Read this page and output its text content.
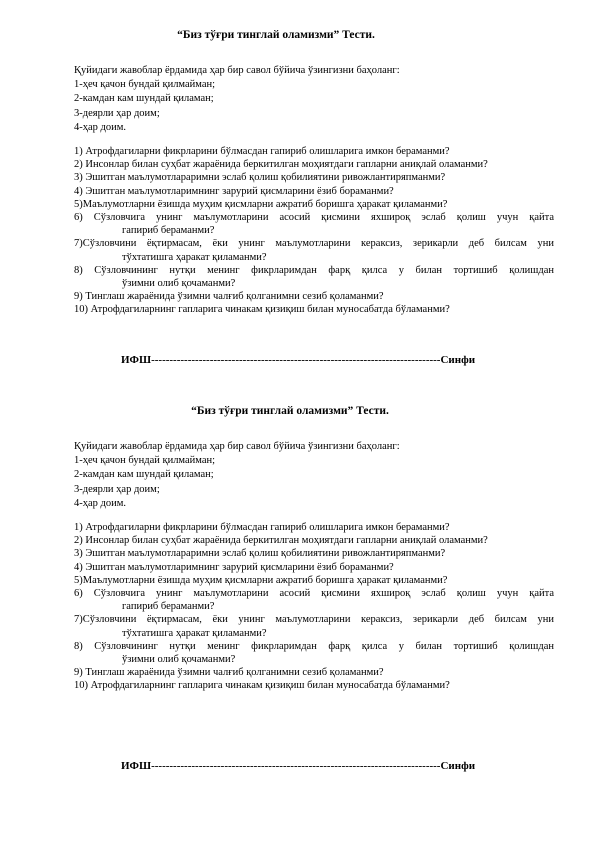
“Биз тўғри тинглай оламизми” Тести.
Қуйидаги жавоблар ёрдамида ҳар бир савол бўйича ўзингизни баҳоланг:
1-ҳеч қачон бундай қилмайман;
2-камдан кам шундай қиламан;
3-деярли ҳар доим;
4-ҳар доим.
1) Атрофдагиларни фикрларини бўлмасдан гапириб олишларига имкон бераманми?
2) Инсонлар билан суҳбат жараёнида беркитилган моҳиятдаги гапларни аниқлай оламанми?
3) Эшитган маълумотлараримни эслаб қолиш қобилиятини ривожлантиряпманми?
4) Эшитган маълумотларимнинг зарурий қисмларини ёзиб бораманми?
5)Маълумотларни ёзишда муҳим қисмларни ажратиб боришга ҳаракат қиламанми?
6) Сўзловчига унинг маълумотларини асосий қисмини яхшироқ эслаб қолиш учун қайта
гапириб бераманми?
7)Сўзловчини ёқтирмасам, ёки унинг маълумотларини кераксиз, зерикарли деб билсам уни
тўхтатишга ҳаракат қиламанми?
8) Сўзловчининг нутқи менинг фикрларимдан фарқ қилса у билан тортишиб қолишдан
ўзимни олиб қочаманми?
9) Тинглаш жараёнида ўзимни чалғиб қолганимни сезиб қоламанми?
10) Атрофдагиларнинг гапларига чинакам қизиқиш билан муносабатда бўламанми?
ИФШ-------------------------------------------------------------------------------Синфи
“Биз тўғри тинглай оламизми” Тести.
Қуйидаги жавоблар ёрдамида ҳар бир савол бўйича ўзингизни баҳоланг:
1-ҳеч қачон бундай қилмайман;
2-камдан кам шундай қиламан;
3-деярли ҳар доим;
4-ҳар доим.
1) Атрофдагиларни фикрларини бўлмасдан гапириб олишларига имкон бераманми?
2) Инсонлар билан суҳбат жараёнида беркитилган моҳиятдаги гапларни аниқлай оламанми?
3) Эшитган маълумотлараримни эслаб қолиш қобилиятини ривожлантиряпманми?
4) Эшитган маълумотларимнинг зарурий қисмларини ёзиб бораманми?
5)Маълумотларни ёзишда муҳим қисмларни ажратиб боришга ҳаракат қиламанми?
6) Сўзловчига унинг маълумотларини асосий қисмини яхшироқ эслаб қолиш учун қайта
гапириб бераманми?
7)Сўзловчини ёқтирмасам, ёки унинг маълумотларини кераксиз, зерикарли деб билсам уни
тўхтатишга ҳаракат қиламанми?
8) Сўзловчининг нутқи менинг фикрларимдан фарқ қилса у билан тортишиб қолишдан
ўзимни олиб қочаманми?
9) Тинглаш жараёнида ўзимни чалғиб қолганимни сезиб қоламанми?
10) Атрофдагиларнинг гапларига чинакам қизиқиш билан муносабатда бўламанми?
ИФШ-------------------------------------------------------------------------------Синфи
